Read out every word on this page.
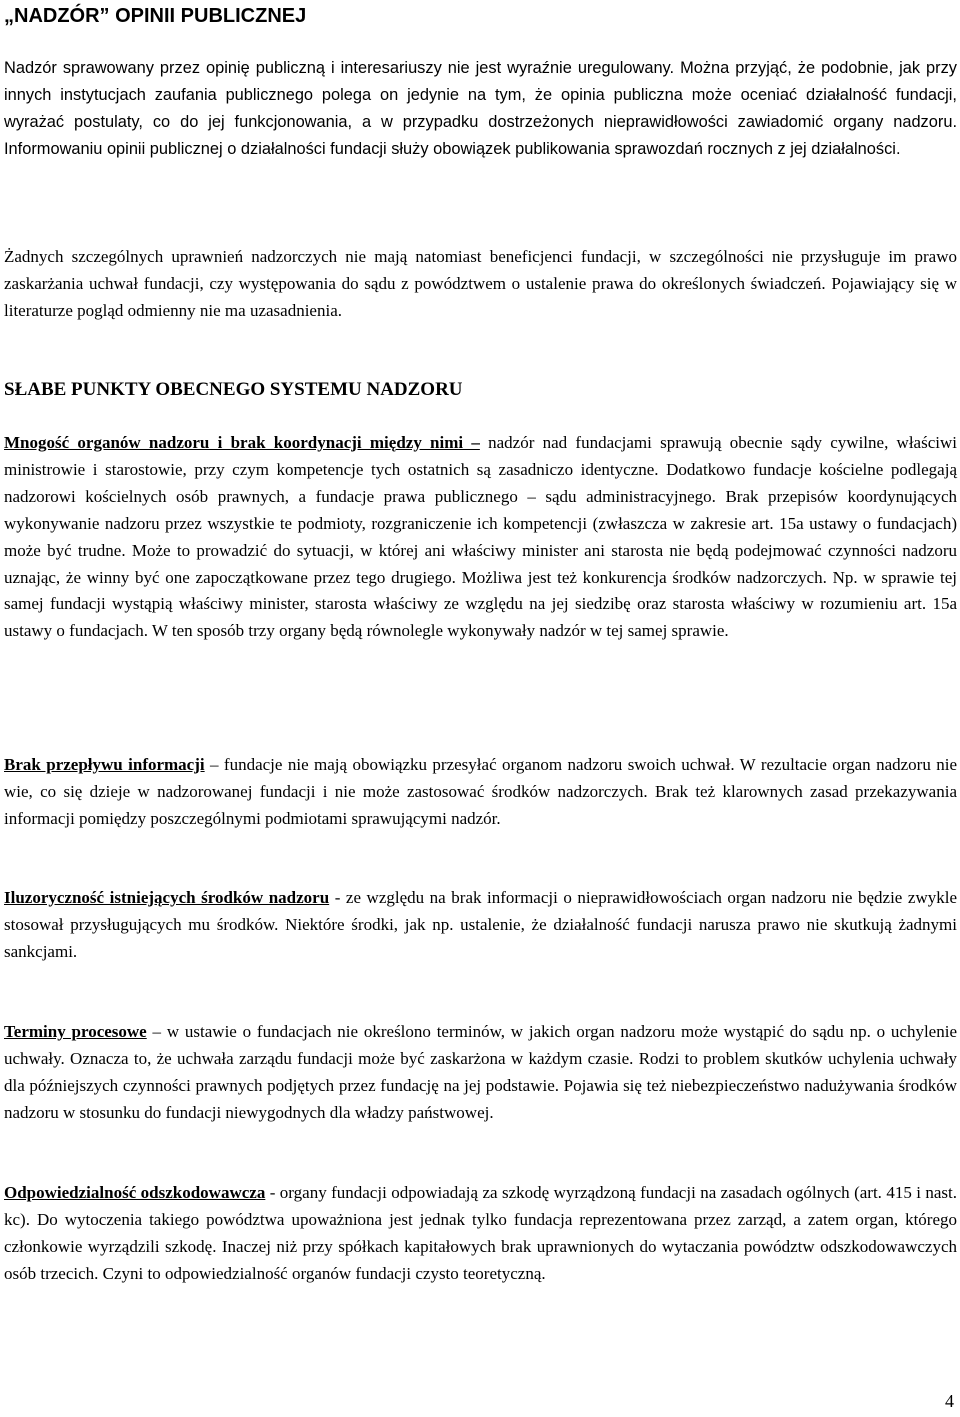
„NADZÓR” OPINII PUBLICZNEJ

Nadzór sprawowany przez opinię publiczną i interesariuszy nie jest wyraźnie uregulowany. Można przyjąć, że podobnie, jak przy innych instytucjach zaufania publicznego polega on jedynie na tym, że opinia publiczna może oceniać działalność fundacji, wyrażać postulaty, co do jej funkcjonowania, a w przypadku dostrzeżonych nieprawidłowości zawiadomić organy nadzoru. Informowaniu opinii publicznej o działalności fundacji służy obowiązek publikowania sprawozdań rocznych z jej działalności.

Żadnych szczególnych uprawnień nadzorczych nie mają natomiast beneficjenci fundacji, w szczególności nie przysługuje im prawo zaskarżania uchwał fundacji, czy występowania do sądu z powództwem o ustalenie prawa do określonych świadczeń. Pojawiający się w literaturze pogląd odmienny nie ma uzasadnienia.

SŁABE PUNKTY OBECNEGO SYSTEMU NADZORU

Mnogość organów nadzoru i brak koordynacji między nimi – nadzór nad fundacjami sprawują obecnie sądy cywilne, właściwi ministrowie i starostowie, przy czym kompetencje tych ostatnich są zasadniczo identyczne. Dodatkowo fundacje kościelne podlegają nadzorowi kościelnych osób prawnych, a fundacje prawa publicznego – sądu administracyjnego. Brak przepisów koordynujących wykonywanie nadzoru przez wszystkie te podmioty, rozgraniczenie ich kompetencji (zwłaszcza w zakresie art. 15a ustawy o fundacjach) może być trudne. Może to prowadzić do sytuacji, w której ani właściwy minister ani starosta nie będą podejmować czynności nadzoru uznając, że winny być one zapoczątkowane przez tego drugiego. Możliwa jest też konkurencja środków nadzorczych. Np. w sprawie tej samej fundacji wystąpią właściwy minister, starosta właściwy ze względu na jej siedzibę oraz starosta właściwy w rozumieniu art. 15a ustawy o fundacjach. W ten sposób trzy organy będą równolegle wykonywały nadzór w tej samej sprawie.

Brak przepływu informacji – fundacje nie mają obowiązku przesyłać organom nadzoru swoich uchwał. W rezultacie organ nadzoru nie wie, co się dzieje w nadzorowanej fundacji i nie może zastosować środków nadzorczych. Brak też klarownych zasad przekazywania informacji pomiędzy poszczególnymi podmiotami sprawującymi nadzór.

Iluzoryczność istniejących środków nadzoru - ze względu na brak informacji o nieprawidłowościach organ nadzoru nie będzie zwykle stosował przysługujących mu środków. Niektóre środki, jak np. ustalenie, że działalność fundacji narusza prawo nie skutkują żadnymi sankcjami.

Terminy procesowe – w ustawie o fundacjach nie określono terminów, w jakich organ nadzoru może wystąpić do sądu np. o uchylenie uchwały. Oznacza to, że uchwała zarządu fundacji może być zaskarżona w każdym czasie. Rodzi to problem skutków uchylenia uchwały dla późniejszych czynności prawnych podjętych przez fundację na jej podstawie. Pojawia się też niebezpieczeństwo nadużywania środków nadzoru w stosunku do fundacji niewygodnych dla władzy państwowej.

Odpowiedzialność odszkodowawcza - organy fundacji odpowiadają za szkodę wyrządzoną fundacji na zasadach ogólnych (art. 415 i nast. kc). Do wytoczenia takiego powództwa upoważniona jest jednak tylko fundacja reprezentowana przez zarząd, a zatem organ, którego członkowie wyrządzili szkodę. Inaczej niż przy spółkach kapitałowych brak uprawnionych do wytaczania powództw odszkodowawczych osób trzecich. Czyni to odpowiedzialność organów fundacji czysto teoretyczną.

4
